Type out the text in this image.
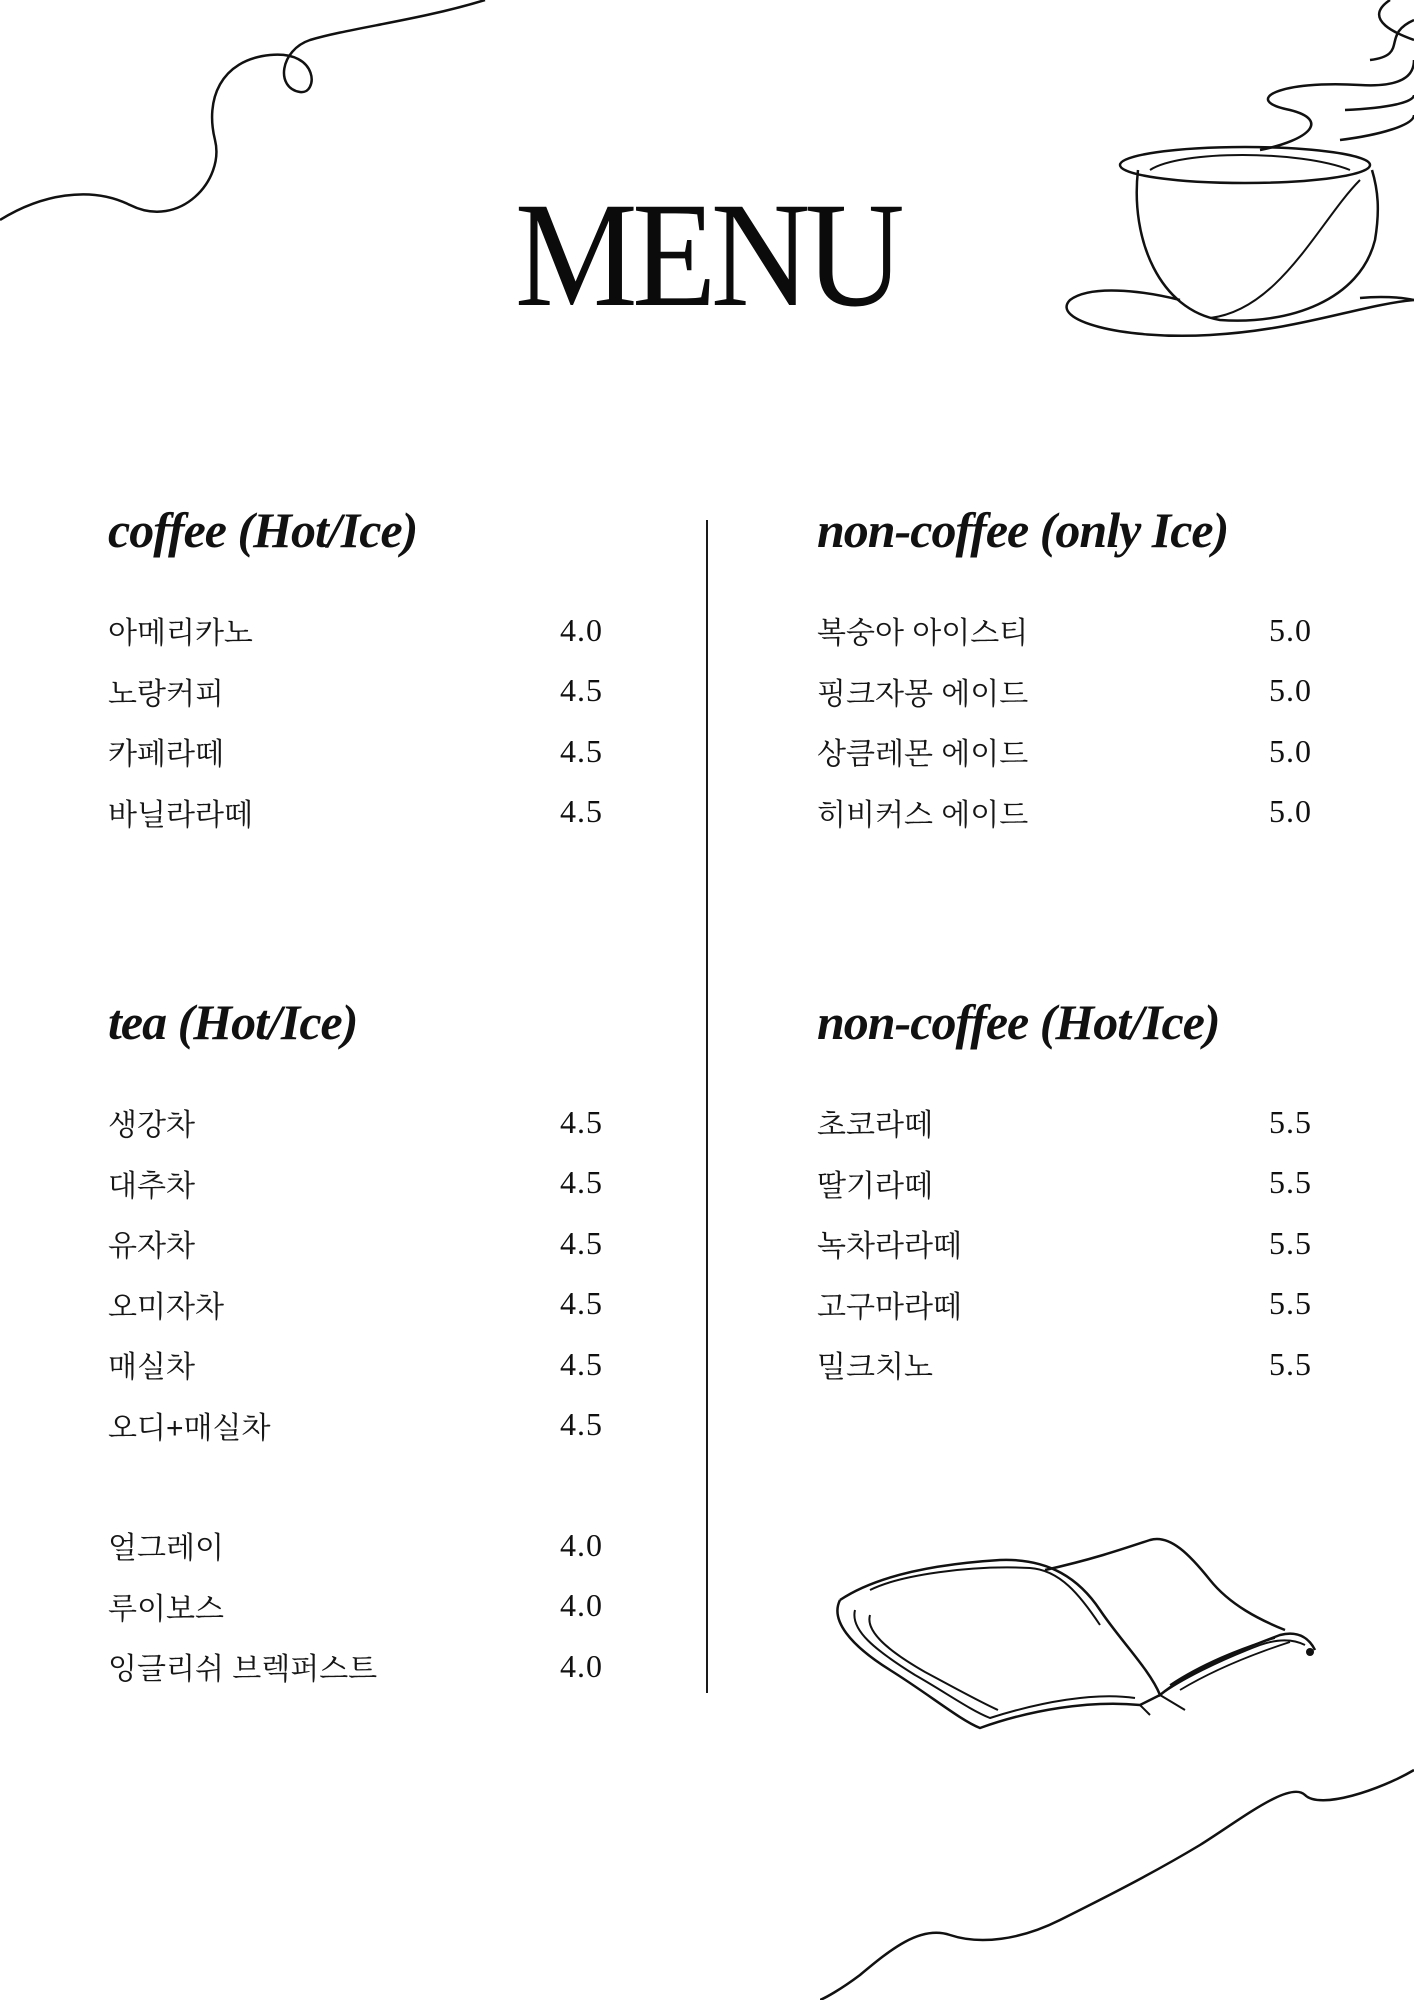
MENU
coffee (Hot/Ice)
아메리카노	4.0
노랑커피	4.5
카페라떼	4.5
바닐라라떼	4.5
non-coffee (only Ice)
복숭아 아이스티	5.0
핑크자몽 에이드	5.0
상큼레몬 에이드	5.0
히비커스 에이드	5.0
tea (Hot/Ice)
생강차	4.5
대추차	4.5
유자차	4.5
오미자차	4.5
매실차	4.5
오디+매실차	4.5
얼그레이	4.0
루이보스	4.0
잉글리쉬 브렉퍼스트	4.0
non-coffee (Hot/Ice)
초코라떼	5.5
딸기라떼	5.5
녹차라라떼	5.5
고구마라떼	5.5
밀크치노	5.5
